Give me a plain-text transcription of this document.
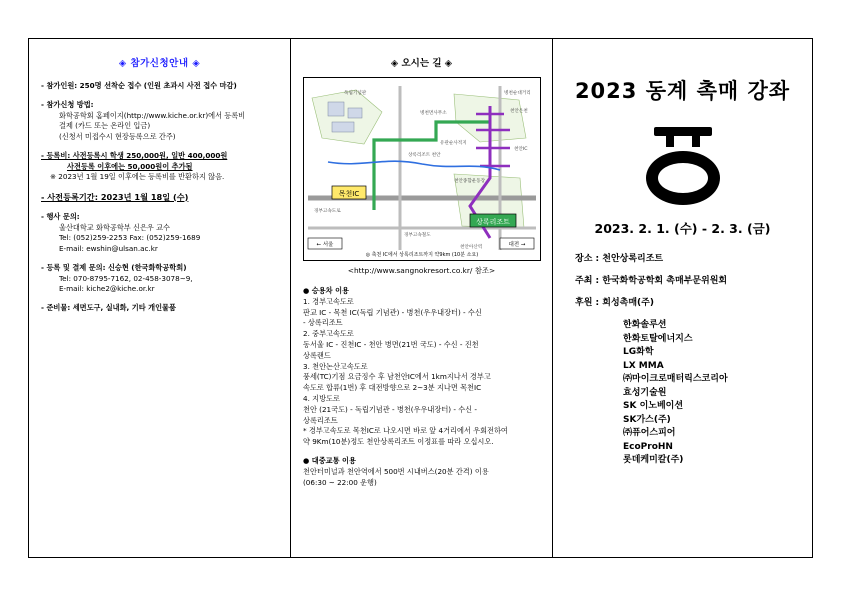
◈ 참가신청안내 ◈
- 참가인원: 250명 선착순 접수 (인원 초과시 사전 접수 마감)
- 참가신청 방법:
화학공학회 홈페이지(http://www.kiche.or.kr)에서 등록비
결제 (카드 또는 온라인 입금)
(신청서 미접수시 현장등록으로 간주)
- 등록비: 사전등록시 학생 250,000원, 일반 400,000원
사전등록 이후에는 50,000원이 추가됨
※ 2023년 1월 19일 이후에는 등록비를 반환하지 않음.
- 사전등록기간: 2023년 1월 18일 (수)
- 행사 문의:
울산대학교 화학공학부 신은우 교수
Tel: (052)259-2253 Fax: (052)259-1689
E-mail: ewshin@ulsan.ac.kr
- 등록 및 결제 문의: 신승현 (한국화학공학회)
Tel: 070-8795-7162, 02-458-3078~9,
E-mail: kiche2@kiche.or.kr
- 준비물: 세면도구, 실내화, 기타 개인물품
◈ 오시는 길 ◈
목천IC
상록리조트
독립기념관
병천면사무소
병천순대거리
천안온천
상록리조트 천안
유관순사적지
천안IC
천안종합운동장
경부고속도로
경부고속철도
천안아산역
← 서울	대전 →
◎ 축천 IC에서 상록리조트까지 약9km (10분 소요)
<http://www.sangnokresort.co.kr/ 참조>
● 승용차 이용
1. 경부고속도로
판교 IC - 목천 IC(독립 기념관) - 병천(우우내장터) - 수신
- 상록리조트
2. 중부고속도로
동서울 IC - 진천IC - 천안 병면(21번 국도) - 수신 - 진천
상록랜드
3. 천안논산고속도로
풍세(TC)기점 요금징수 후 남천안IC에서 1km지나서 경부고
속도로 합류(1번) 후 대전방향으로 2~3분 지나면 목천IC
4. 지방도로
천안 (21국도) - 독립기념관 - 병천(우우내장터) - 수신 -
상록리조트
* 경부고속도로 목천IC로 나오시면 바로 앞 4거리에서 우회전하여
약 9Km(10분)정도 천안상록리조트 이정표를 따라 오십시오.
● 대중교통 이용
천안터미널과 천안역에서 500번 시내버스(20분 간격) 이용
(06:30 ~ 22:00 운행)
2023 동계 촉매 강좌
2023. 2. 1. (수) - 2. 3. (금)
장소 : 천안상록리조트
주최 : 한국화학공학회 촉매부문위원회
후원 : 희성촉매(주)
한화솔루션
한화토탈에너지스
LG화학
LX MMA
㈜마이크로매터릭스코리아
효성기술원
SK 이노베이션
SK가스(주)
㈜퓨어스피어
EcoProHN
롯데케미칼(주)
